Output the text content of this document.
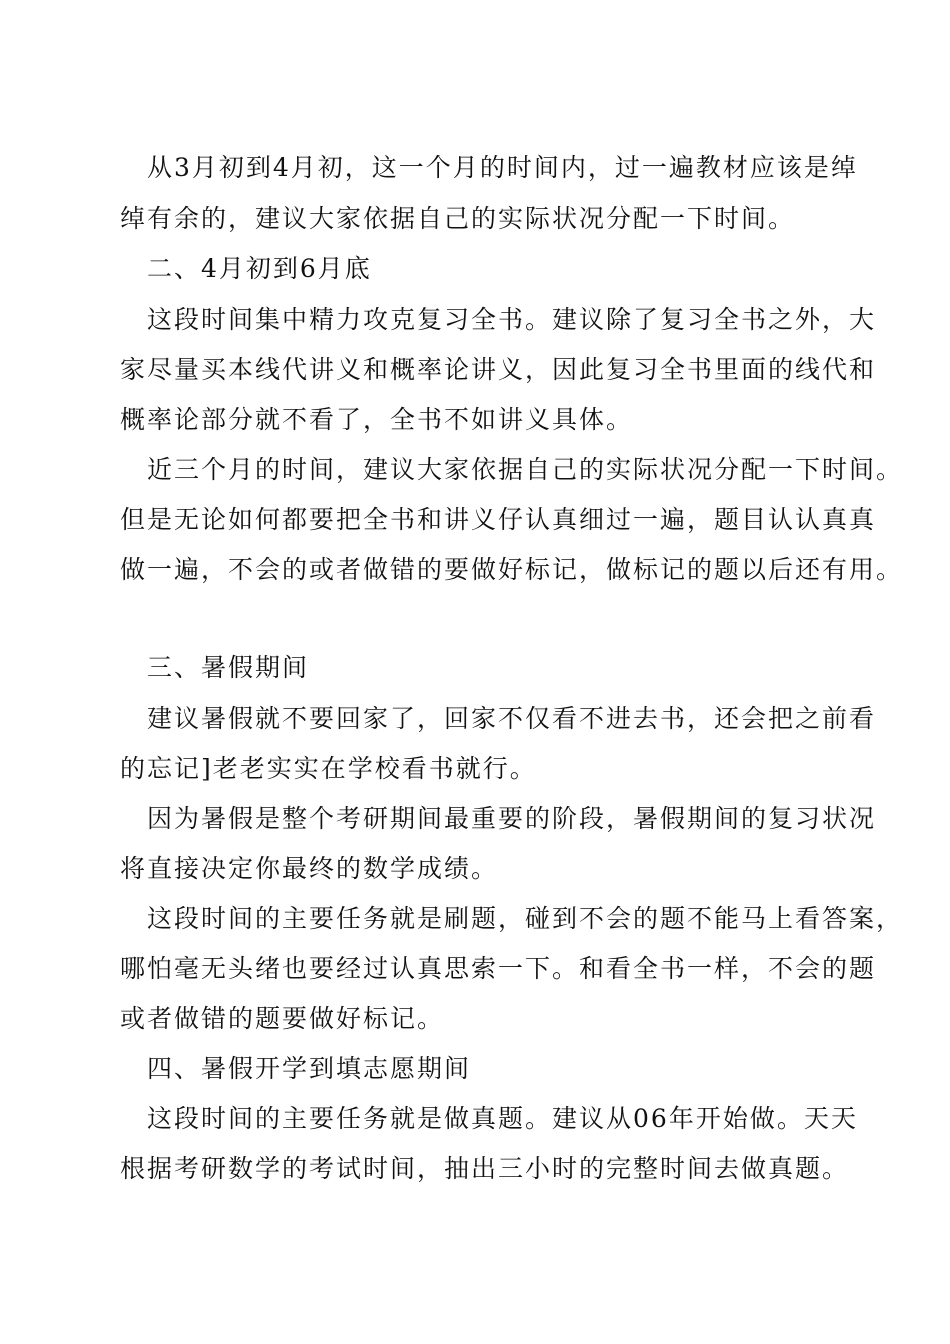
从3月初到4月初，这一个月的时间内，过一遍教材应该是绰
绰有余的，建议大家依据自己的实际状况分配一下时间。
二、4月初到6月底
这段时间集中精力攻克复习全书。建议除了复习全书之外，大
家尽量买本线代讲义和概率论讲义，因此复习全书里面的线代和
概率论部分就不看了，全书不如讲义具体。
近三个月的时间，建议大家依据自己的实际状况分配一下时间。
但是无论如何都要把全书和讲义仔认真细过一遍，题目认认真真
做一遍，不会的或者做错的要做好标记，做标记的题以后还有用。
三、暑假期间
建议暑假就不要回家了，回家不仅看不进去书，还会把之前看
的忘记]老老实实在学校看书就行。
因为暑假是整个考研期间最重要的阶段，暑假期间的复习状况
将直接决定你最终的数学成绩。
这段时间的主要任务就是刷题，碰到不会的题不能马上看答案，
哪怕毫无头绪也要经过认真思索一下。和看全书一样，不会的题
或者做错的题要做好标记。
四、暑假开学到填志愿期间
这段时间的主要任务就是做真题。建议从06年开始做。天天
根据考研数学的考试时间，抽出三小时的完整时间去做真题。
